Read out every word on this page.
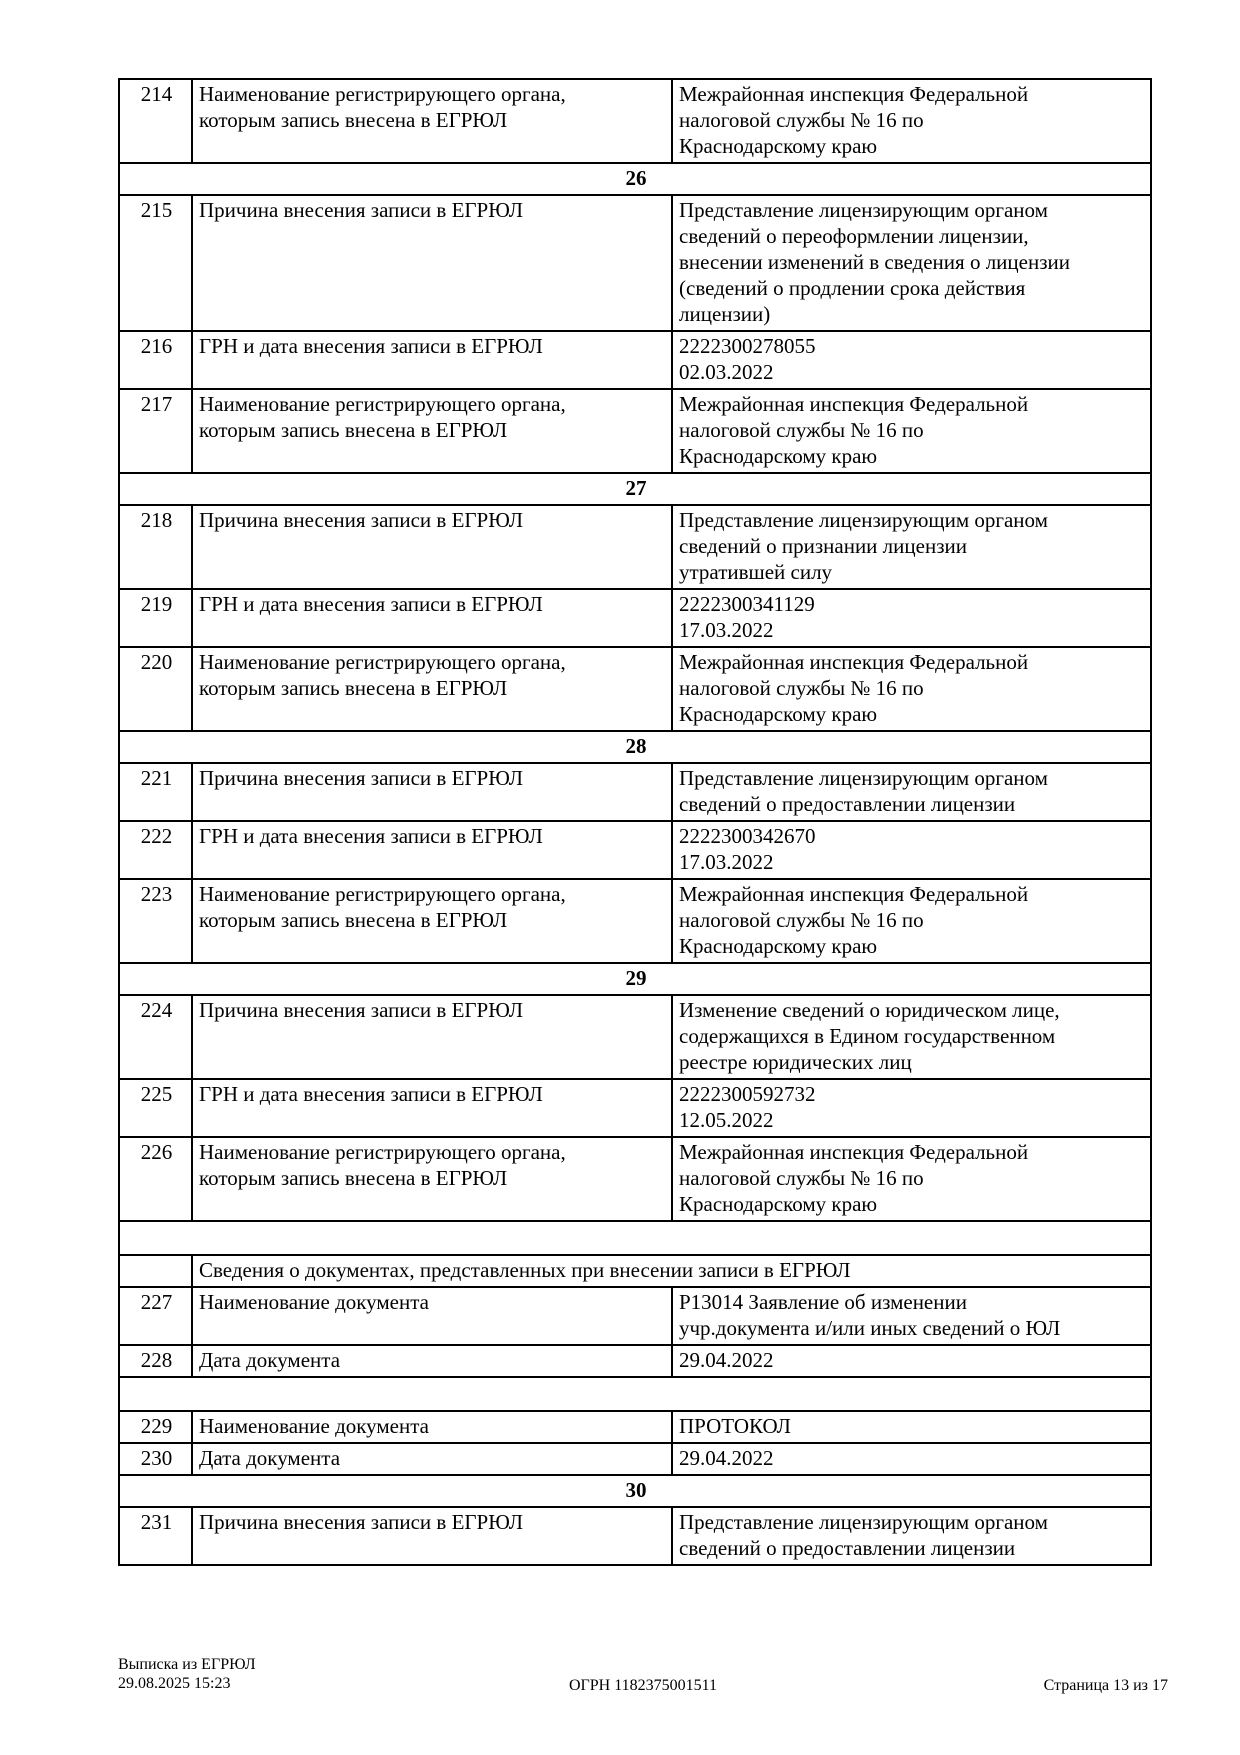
214	Наименование регистрирующего органа,
которым запись внесена в ЕГРЮЛ	Межрайонная инспекция Федеральной
налоговой службы № 16 по
Краснодарскому краю
26		
215	Причина внесения записи в ЕГРЮЛ	Представление лицензирующим органом
сведений о переоформлении лицензии,
внесении изменений в сведения о лицензии
(сведений о продлении срока действия
лицензии)
216	ГРН и дата внесения записи в ЕГРЮЛ	2222300278055
02.03.2022
217	Наименование регистрирующего органа,
которым запись внесена в ЕГРЮЛ	Межрайонная инспекция Федеральной
налоговой службы № 16 по
Краснодарскому краю
27		
218	Причина внесения записи в ЕГРЮЛ	Представление лицензирующим органом
сведений о признании лицензии
утратившей силу
219	ГРН и дата внесения записи в ЕГРЮЛ	2222300341129
17.03.2022
220	Наименование регистрирующего органа,
которым запись внесена в ЕГРЮЛ	Межрайонная инспекция Федеральной
налоговой службы № 16 по
Краснодарскому краю
28		
221	Причина внесения записи в ЕГРЮЛ	Представление лицензирующим органом
сведений о предоставлении лицензии
222	ГРН и дата внесения записи в ЕГРЮЛ	2222300342670
17.03.2022
223	Наименование регистрирующего органа,
которым запись внесена в ЕГРЮЛ	Межрайонная инспекция Федеральной
налоговой службы № 16 по
Краснодарскому краю
29		
224	Причина внесения записи в ЕГРЮЛ	Изменение сведений о юридическом лице,
содержащихся в Едином государственном
реестре юридических лиц
225	ГРН и дата внесения записи в ЕГРЮЛ	2222300592732
12.05.2022
226	Наименование регистрирующего органа,
которым запись внесена в ЕГРЮЛ	Межрайонная инспекция Федеральной
налоговой службы № 16 по
Краснодарскому краю

	Сведения о документах, представленных при внесении записи в ЕГРЮЛ	
227	Наименование документа	Р13014 Заявление об изменении
учр.документа и/или иных сведений о ЮЛ
228	Дата документа	29.04.2022

229	Наименование документа	ПРОТОКОЛ
230	Дата документа	29.04.2022
30		
231	Причина внесения записи в ЕГРЮЛ	Представление лицензирующим органом
сведений о предоставлении лицензии
Выписка из ЕГРЮЛ
29.08.2025 15:23	ОГРН 1182375001511	Страница 13 из 17
